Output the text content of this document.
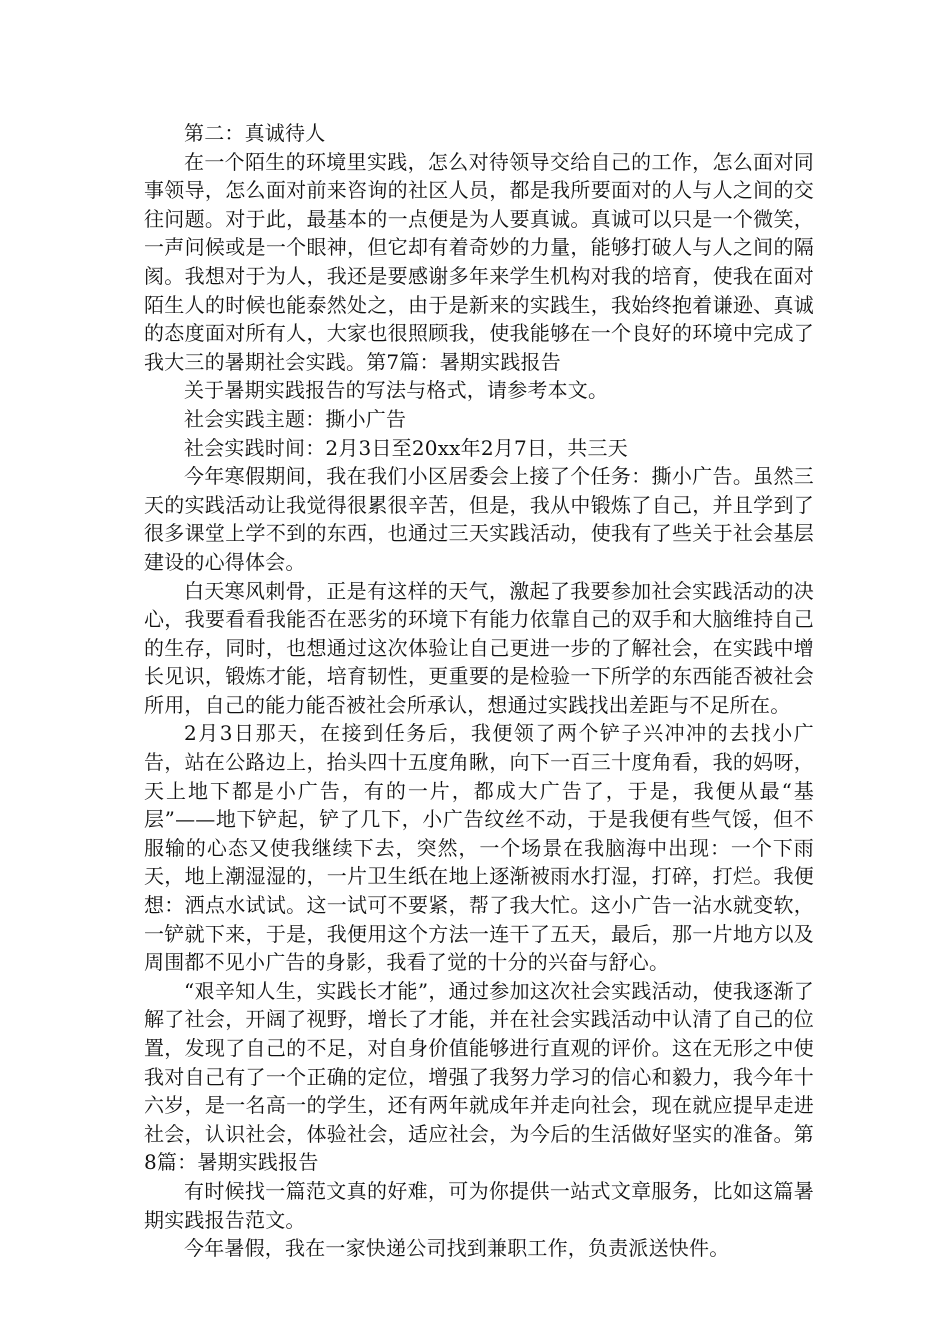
第二：真诚待人

在一个陌生的环境里实践，怎么对待领导交给自己的工作，怎么面对同事领导，怎么面对前来咨询的社区人员，都是我所要面对的人与人之间的交往问题。对于此，最基本的一点便是为人要真诚。真诚可以只是一个微笑，一声问候或是一个眼神，但它却有着奇妙的力量，能够打破人与人之间的隔阂。我想对于为人，我还是要感谢多年来学生机构对我的培育，使我在面对陌生人的时候也能泰然处之，由于是新来的实践生，我始终抱着谦逊、真诚的态度面对所有人，大家也很照顾我，使我能够在一个良好的环境中完成了我大三的暑期社会实践。第7篇：暑期实践报告

关于暑期实践报告的写法与格式，请参考本文。

社会实践主题：撕小广告

社会实践时间：2月3日至20xx年2月7日，共三天

今年寒假期间，我在我们小区居委会上接了个任务：撕小广告。虽然三天的实践活动让我觉得很累很辛苦，但是，我从中锻炼了自己，并且学到了很多课堂上学不到的东西，也通过三天实践活动，使我有了些关于社会基层建设的心得体会。

白天寒风刺骨，正是有这样的天气，激起了我要参加社会实践活动的决心，我要看看我能否在恶劣的环境下有能力依靠自己的双手和大脑维持自己的生存，同时，也想通过这次体验让自己更进一步的了解社会，在实践中增长见识，锻炼才能，培育韧性，更重要的是检验一下所学的东西能否被社会所用，自己的能力能否被社会所承认，想通过实践找出差距与不足所在。

2月3日那天，在接到任务后，我便领了两个铲子兴冲冲的去找小广告，站在公路边上，抬头四十五度角瞅，向下一百三十度角看，我的妈呀，天上地下都是小广告，有的一片，都成大广告了，于是，我便从最“基层”——地下铲起，铲了几下，小广告纹丝不动，于是我便有些气馁，但不服输的心态又使我继续下去，突然，一个场景在我脑海中出现：一个下雨天，地上潮湿湿的，一片卫生纸在地上逐渐被雨水打湿，打碎，打烂。我便想：洒点水试试。这一试可不要紧，帮了我大忙。这小广告一沾水就变软，一铲就下来，于是，我便用这个方法一连干了五天，最后，那一片地方以及周围都不见小广告的身影，我看了觉的十分的兴奋与舒心。

“艰辛知人生，实践长才能”，通过参加这次社会实践活动，使我逐渐了解了社会，开阔了视野，增长了才能，并在社会实践活动中认清了自己的位置，发现了自己的不足，对自身价值能够进行直观的评价。这在无形之中使我对自己有了一个正确的定位，增强了我努力学习的信心和毅力，我今年十六岁，是一名高一的学生，还有两年就成年并走向社会，现在就应提早走进社会，认识社会，体验社会，适应社会，为今后的生活做好坚实的准备。第8篇：暑期实践报告

有时候找一篇范文真的好难，可为你提供一站式文章服务，比如这篇暑期实践报告范文。

今年暑假，我在一家快递公司找到兼职工作，负责派送快件。
